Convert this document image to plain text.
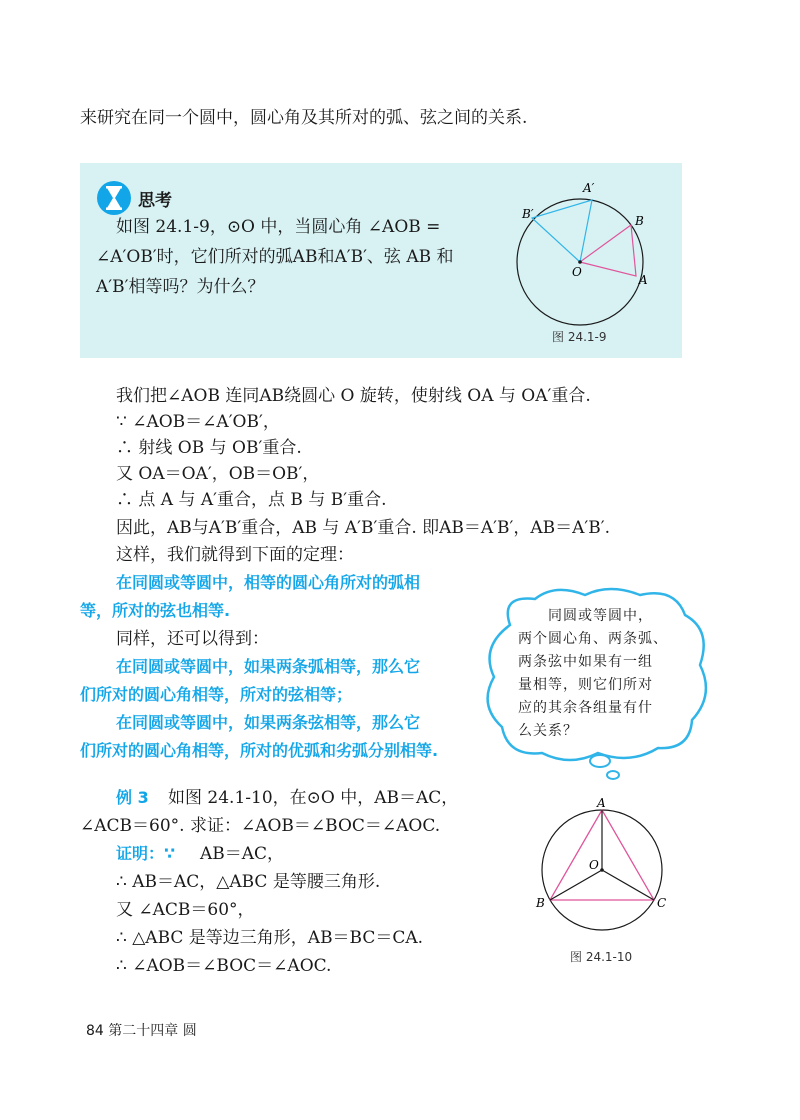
来研究在同一个圆中，圆心角及其所对的弧、弦之间的关系.
思考
如图 24.1-9，⊙O 中，当圆心角 ∠AOB =
∠A′OB′时，它们所对的弧AB和A′B′、弦 AB 和
A′B′相等吗？为什么？
A′
B′	B
A
O
图 24.1-9
我们把∠AOB 连同AB绕圆心 O 旋转，使射线 OA 与 OA′重合.
∵ ∠AOB＝∠A′OB′，
∴ 射线 OB 与 OB′重合.
又 OA＝OA′，OB＝OB′，
∴ 点 A 与 A′重合，点 B 与 B′重合.
因此，AB与A′B′重合，AB 与 A′B′重合. 即AB＝A′B′，AB＝A′B′.
这样，我们就得到下面的定理：
在同圆或等圆中，相等的圆心角所对的弧相
等，所对的弦也相等.
同样，还可以得到：
在同圆或等圆中，如果两条弧相等，那么它
们所对的圆心角相等，所对的弦相等；
在同圆或等圆中，如果两条弦相等，那么它
们所对的圆心角相等，所对的优弧和劣弧分别相等.
同圆或等圆中，
两个圆心角、两条弧、
两条弦中如果有一组
量相等，则它们所对
应的其余各组量有什
么关系？
例 3 如图 24.1-10，在⊙O 中，AB＝AC，
∠ACB＝60°. 求证：∠AOB＝∠BOC＝∠AOC.
证明：∵ AB＝AC，
∴ AB＝AC，△ABC 是等腰三角形.
又 ∠ACB＝60°，
∴ △ABC 是等边三角形，AB＝BC＝CA.
∴ ∠AOB＝∠BOC＝∠AOC.
A
B	C
O
图 24.1-10
84 第二十四章 圆
